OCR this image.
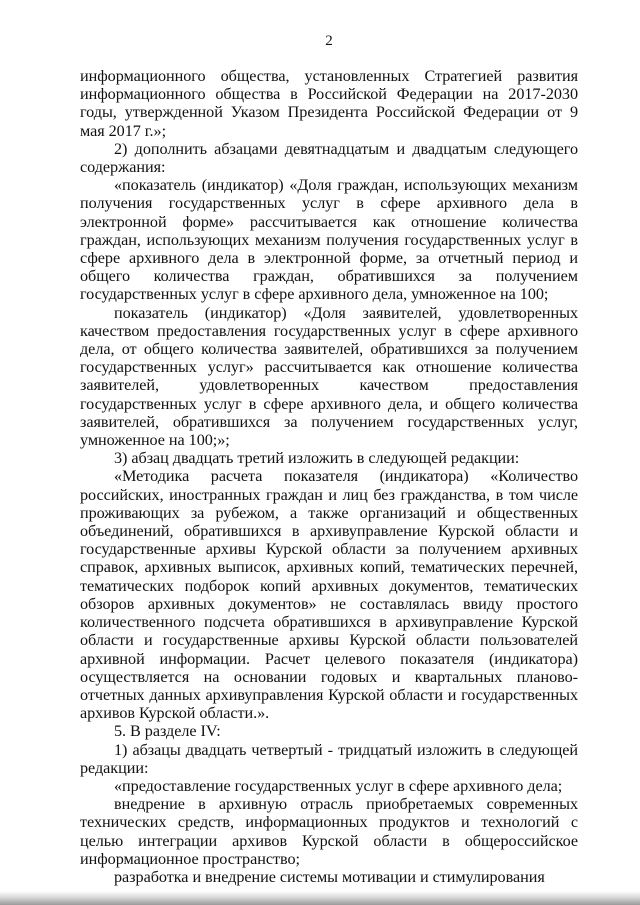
2

информационного общества, установленных Стратегией развития информационного общества в Российской Федерации на 2017-2030 годы, утвержденной Указом Президента Российской Федерации от 9 мая 2017 г.»;

2) дополнить абзацами девятнадцатым и двадцатым следующего содержания:

«показатель (индикатор) «Доля граждан, использующих механизм получения государственных услуг в сфере архивного дела в электронной форме» рассчитывается как отношение количества граждан, использующих механизм получения государственных услуг в сфере архивного дела в электронной форме, за отчетный период и общего количества граждан, обратившихся за получением государственных услуг в сфере архивного дела, умноженное на 100;

показатель (индикатор) «Доля заявителей, удовлетворенных качеством предоставления государственных услуг в сфере архивного дела, от общего количества заявителей, обратившихся за получением государственных услуг» рассчитывается как отношение количества заявителей, удовлетворенных качеством предоставления государственных услуг в сфере архивного дела, и общего количества заявителей, обратившихся за получением государственных услуг, умноженное на 100;»;

3) абзац двадцать третий изложить в следующей редакции:

«Методика расчета показателя (индикатора) «Количество российских, иностранных граждан и лиц без гражданства, в том числе проживающих за рубежом, а также организаций и общественных объединений, обратившихся в архивуправление Курской области и государственные архивы Курской области за получением архивных справок, архивных выписок, архивных копий, тематических перечней, тематических подборок копий архивных документов, тематических обзоров архивных документов» не составлялась ввиду простого количественного подсчета обратившихся в архивуправление Курской области и государственные архивы Курской области пользователей архивной информации. Расчет целевого показателя (индикатора) осуществляется на основании годовых и квартальных планово-отчетных данных архивуправления Курской области и государственных архивов Курской области.».

5. В разделе IV:

1) абзацы двадцать четвертый - тридцатый изложить в следующей редакции:

«предоставление государственных услуг в сфере архивного дела;

внедрение в архивную отрасль приобретаемых современных технических средств, информационных продуктов и технологий с целью интеграции архивов Курской области в общероссийское информационное пространство;

разработка и внедрение системы мотивации и стимулирования
